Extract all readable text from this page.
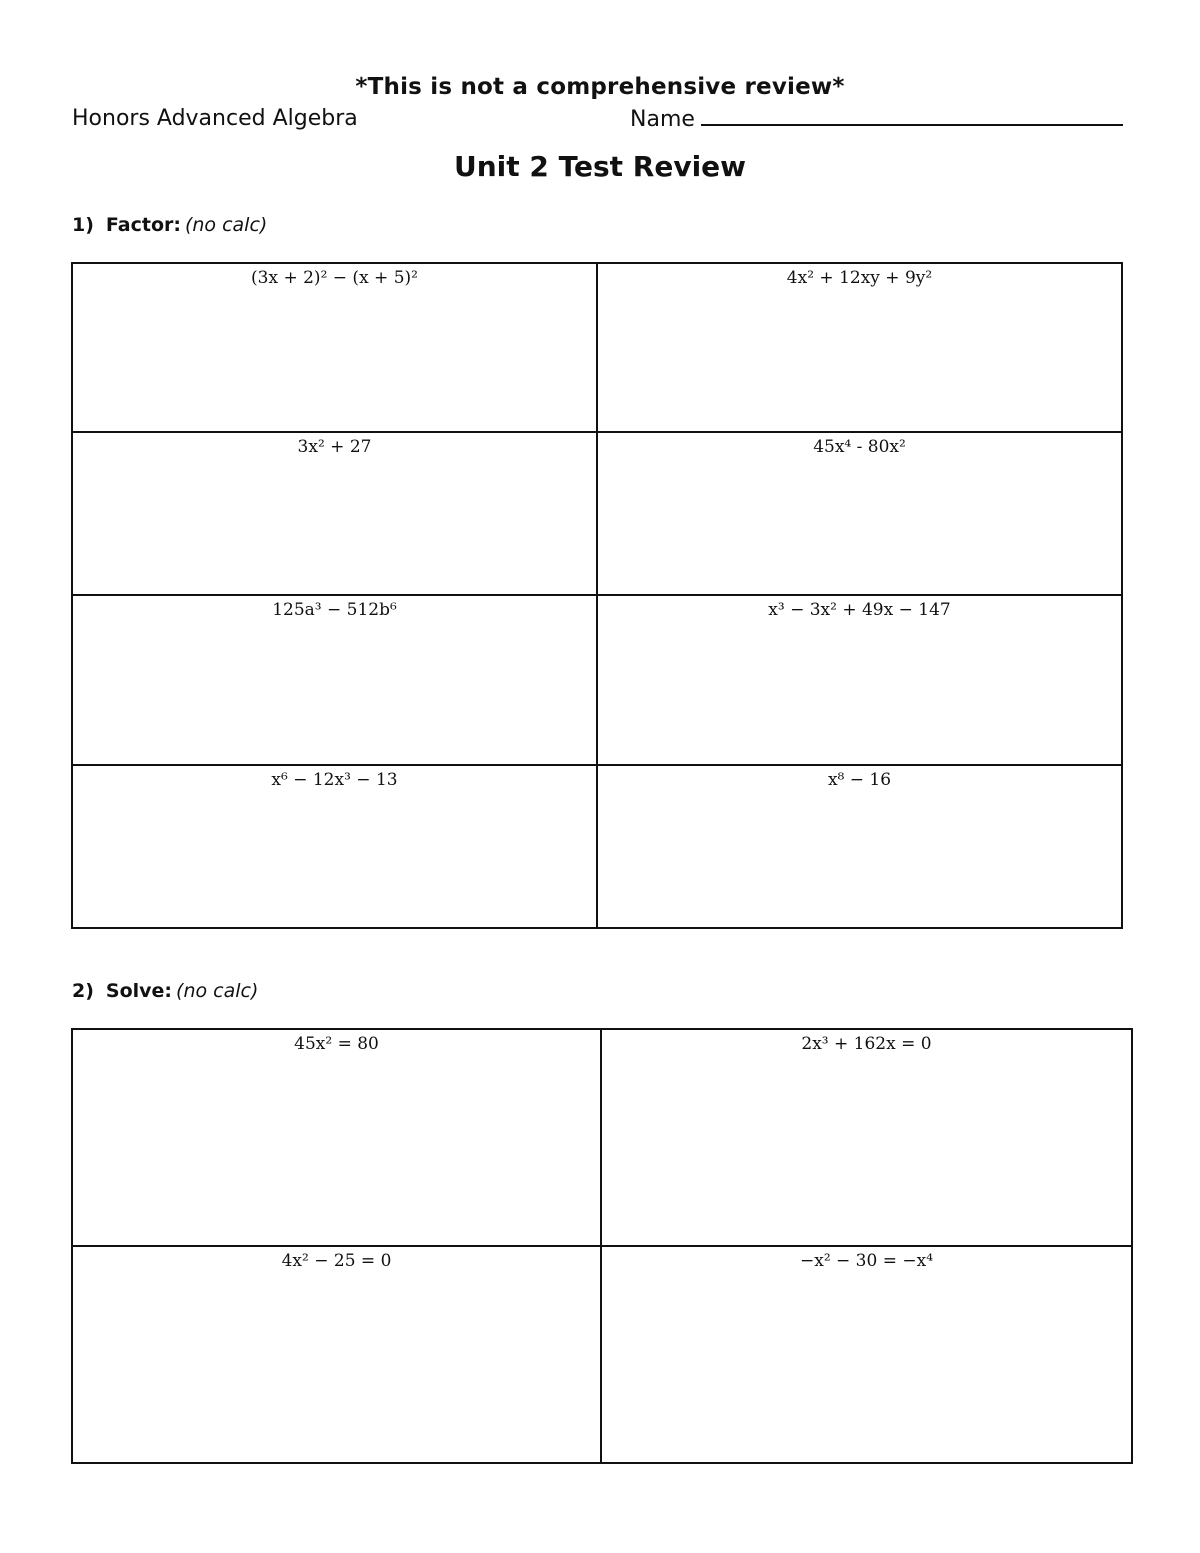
*This is not a comprehensive review*
Honors Advanced Algebra	Name
Unit 2 Test Review
1) Factor: (no calc)
(3x + 2)² − (x + 5)²	4x² + 12xy + 9y²

3x² + 27	45x⁴ - 80x²

125a³ − 512b⁶	x³ − 3x² + 49x − 147

x⁶ − 12x³ − 13	x⁸ − 16
2) Solve: (no calc)
45x² = 80	2x³ + 162x = 0

4x² − 25 = 0	−x² − 30 = −x⁴
